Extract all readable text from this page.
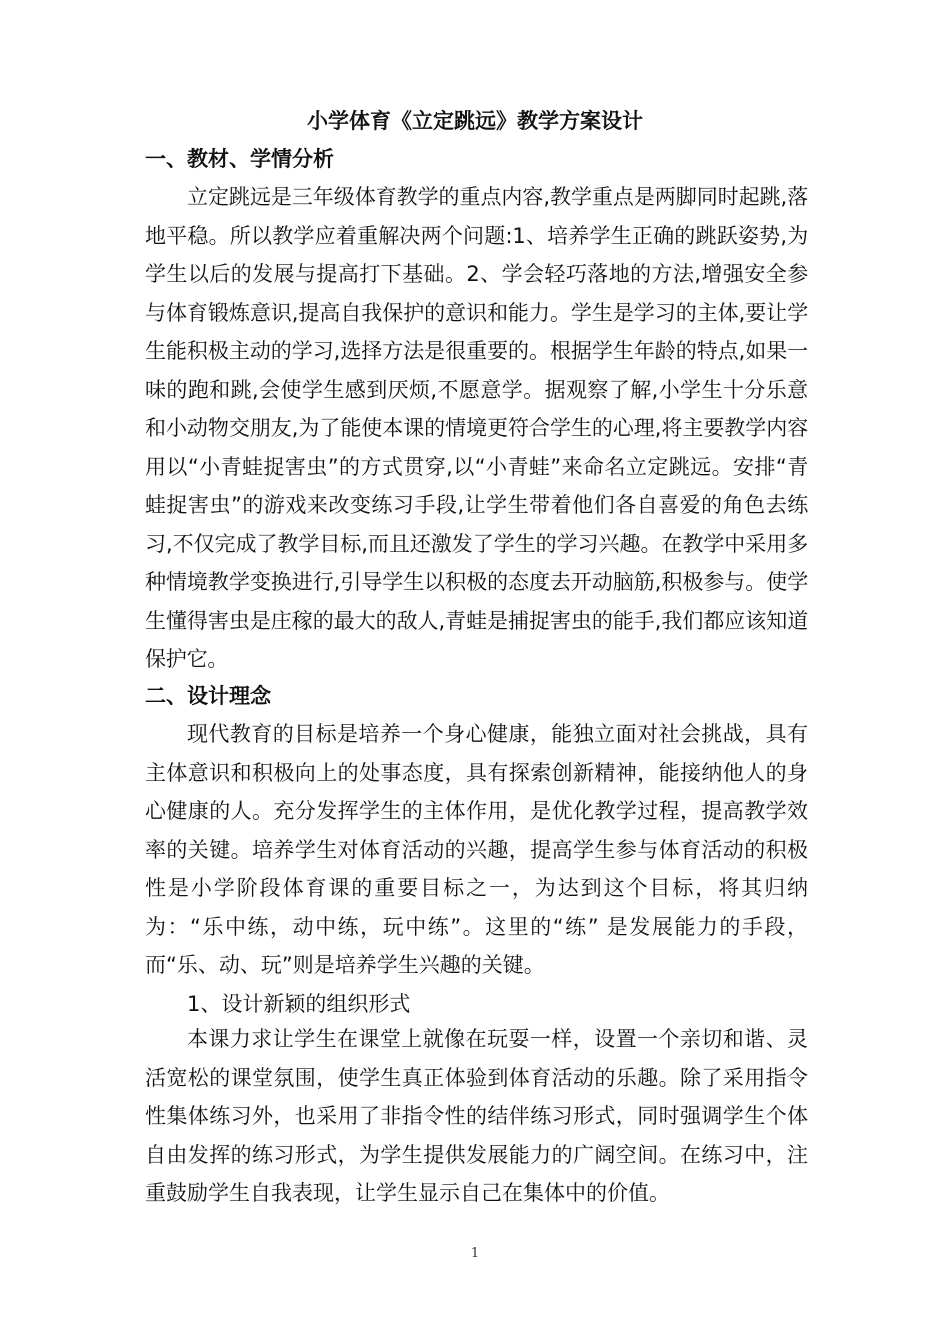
小学体育《立定跳远》教学方案设计
一、教材、学情分析

立定跳远是三年级体育教学的重点内容,教学重点是两脚同时起跳,落地平稳。所以教学应着重解决两个问题:1、培养学生正确的跳跃姿势,为学生以后的发展与提高打下基础。2、学会轻巧落地的方法,增强安全参与体育锻炼意识,提高自我保护的意识和能力。学生是学习的主体,要让学生能积极主动的学习,选择方法是很重要的。根据学生年龄的特点,如果一味的跑和跳,会使学生感到厌烦,不愿意学。据观察了解,小学生十分乐意和小动物交朋友,为了能使本课的情境更符合学生的心理,将主要教学内容用以“小青蛙捉害虫”的方式贯穿,以“小青蛙”来命名立定跳远。安排“青蛙捉害虫”的游戏来改变练习手段,让学生带着他们各自喜爱的角色去练习,不仅完成了教学目标,而且还激发了学生的学习兴趣。在教学中采用多种情境教学变换进行,引导学生以积极的态度去开动脑筋,积极参与。使学生懂得害虫是庄稼的最大的敌人,青蛙是捕捉害虫的能手,我们都应该知道保护它。

二、设计理念

现代教育的目标是培养一个身心健康，能独立面对社会挑战，具有主体意识和积极向上的处事态度，具有探索创新精神，能接纳他人的身心健康的人。充分发挥学生的主体作用，是优化教学过程，提高教学效率的关键。培养学生对体育活动的兴趣，提高学生参与体育活动的积极性是小学阶段体育课的重要目标之一，为达到这个目标，将其归纳为：“乐中练，动中练，玩中练”。这里的“练” 是发展能力的手段，而“乐、动、玩”则是培养学生兴趣的关键。

1、设计新颖的组织形式

本课力求让学生在课堂上就像在玩耍一样，设置一个亲切和谐、灵活宽松的课堂氛围，使学生真正体验到体育活动的乐趣。除了采用指令性集体练习外，也采用了非指令性的结伴练习形式，同时强调学生个体自由发挥的练习形式，为学生提供发展能力的广阔空间。在练习中，注重鼓励学生自我表现，让学生显示自己在集体中的价值。

1
